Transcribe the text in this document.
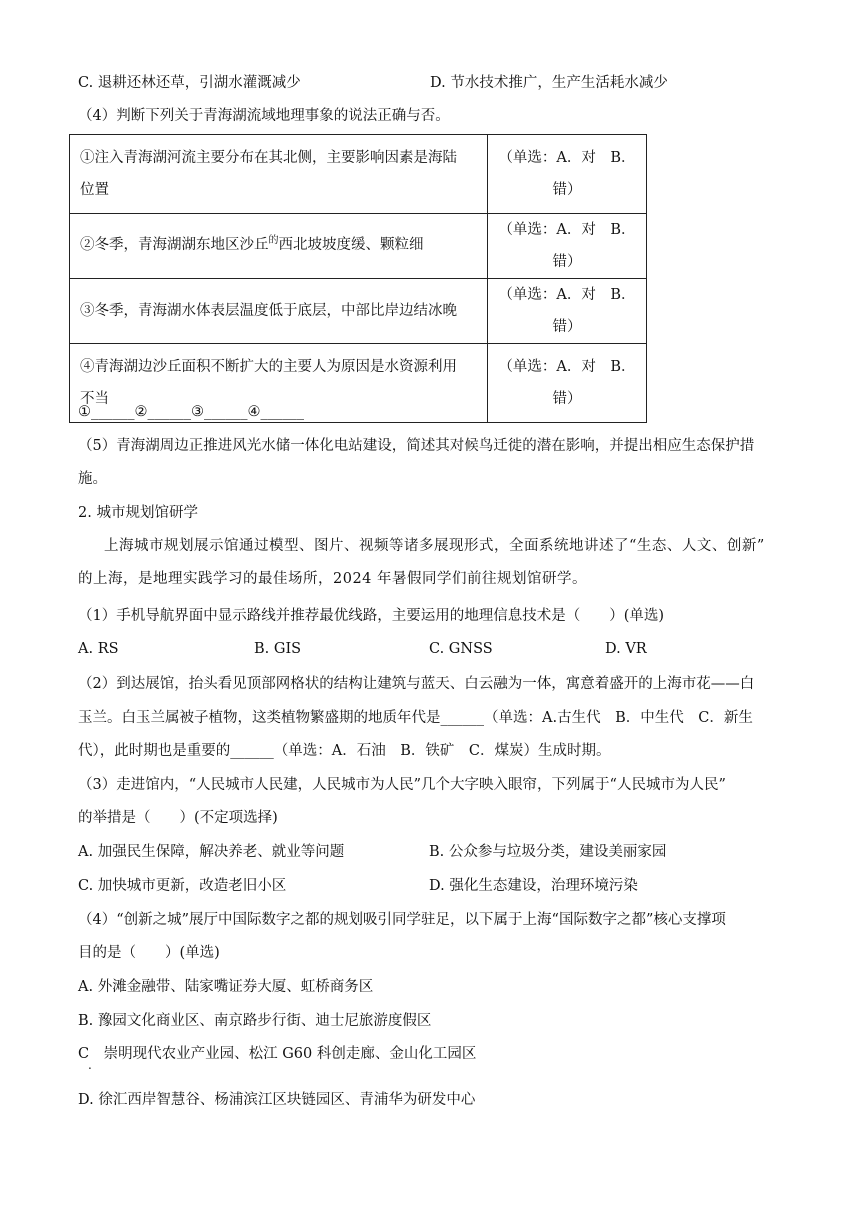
C. 退耕还林还草，引湖水灌溉减少	D. 节水技术推广，生产生活耗水减少
（4）判断下列关于青海湖流域地理事象的说法正确与否。
①注入青海湖河流主要分布在其北侧，主要影响因素是海陆
位置	（单选：A．对　B．错）
②冬季，青海湖湖东地区沙丘$^的$西北坡坡度缓、颗粒细	（单选：A．对　B．错）
③冬季，青海湖水体表层温度低于底层，中部比岸边结冰晚	（单选：A．对　B．错）

④青海湖边沙丘面积不断扩大的主要人为原因是水资源利用
不当	（单选：A．对　B．错）
①______②______③______④______
（5）青海湖周边正推进风光水储一体化电站建设，简述其对候鸟迁徙的潜在影响，并提出相应生态保护措
施。
2. 城市规划馆研学
上海城市规划展示馆通过模型、图片、视频等诸多展现形式，全面系统地讲述了“生态、人文、创新”
的上海，是地理实践学习的最佳场所，2024 年暑假同学们前往规划馆研学。
（1）手机导航界面中显示路线并推荐最优线路，主要运用的地理信息技术是（　　）(单选)
A. RS	B. GIS	C. GNSS	D. VR
（2）到达展馆，抬头看见顶部网格状的结构让建筑与蓝天、白云融为一体，寓意着盛开的上海市花——白
玉兰。白玉兰属被子植物，这类植物繁盛期的地质年代是______（单选：A.古生代　B．中生代　C．新生
代），此时期也是重要的______（单选：A．石油　B．铁矿　C．煤炭）生成时期。
（3）走进馆内，“人民城市人民建，人民城市为人民”几个大字映入眼帘，下列属于“人民城市为人民”
的举措是（　　）(不定项选择)
A. 加强民生保障，解决养老、就业等问题	B. 公众参与垃圾分类，建设美丽家园
C. 加快城市更新，改造老旧小区	D. 强化生态建设，治理环境污染
（4）“创新之城”展厅中国际数字之都的规划吸引同学驻足，以下属于上海“国际数字之都”核心支撑项
目的是（　　）(单选)
A. 外滩金融带、陆家嘴证券大厦、虹桥商务区
B. 豫园文化商业区、南京路步行街、迪士尼旅游度假区
C　崇明现代农业产业园、松江 G60 科创走廊、金山化工园区
.
D. 徐汇西岸智慧谷、杨浦滨江区块链园区、青浦华为研发中心
